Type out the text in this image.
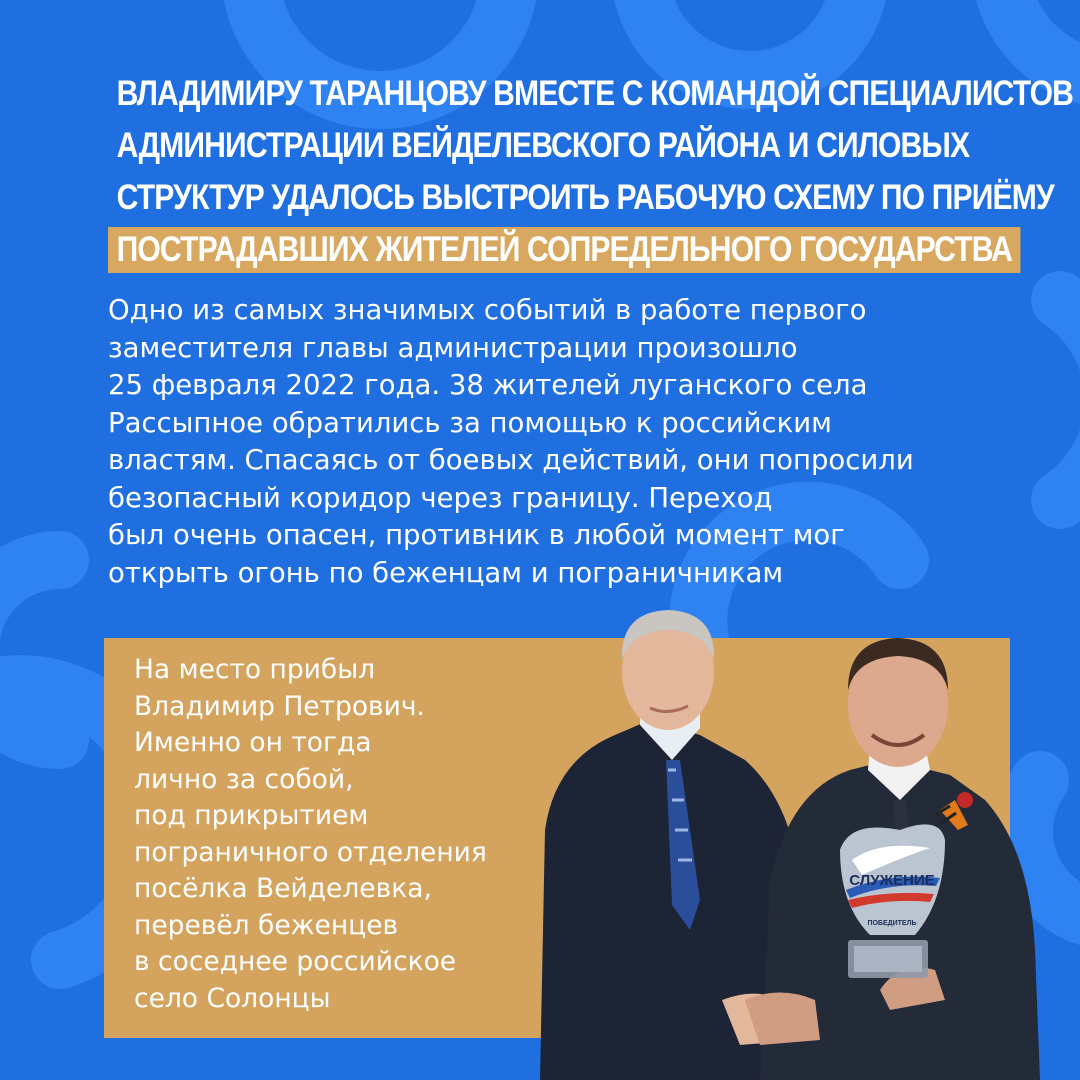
ВЛАДИМИРУ ТАРАНЦОВУ ВМЕСТЕ С КОМАНДОЙ СПЕЦИАЛИСТОВ
АДМИНИСТРАЦИИ ВЕЙДЕЛЕВСКОГО РАЙОНА И СИЛОВЫХ
СТРУКТУР УДАЛОСЬ ВЫСТРОИТЬ РАБОЧУЮ СХЕМУ ПО ПРИЁМУ
ПОСТРАДАВШИХ ЖИТЕЛЕЙ СОПРЕДЕЛЬНОГО ГОСУДАРСТВА

Одно из самых значимых событий в работе первого
заместителя главы администрации произошло
25 февраля 2022 года. 38 жителей луганского села
Рассыпное обратились за помощью к российским
властям. Спасаясь от боевых действий, они попросили
безопасный коридор через границу. Переход
был очень опасен, противник в любой момент мог
открыть огонь по беженцам и пограничникам

СЛУЖЕНИЕ
ПОБЕДИТЕЛЬ

На место прибыл
Владимир Петрович.
Именно он тогда
лично за собой,
под прикрытием
пограничного отделения
посёлка Вейделевка,
перевёл беженцев
в соседнее российское
село Солонцы
